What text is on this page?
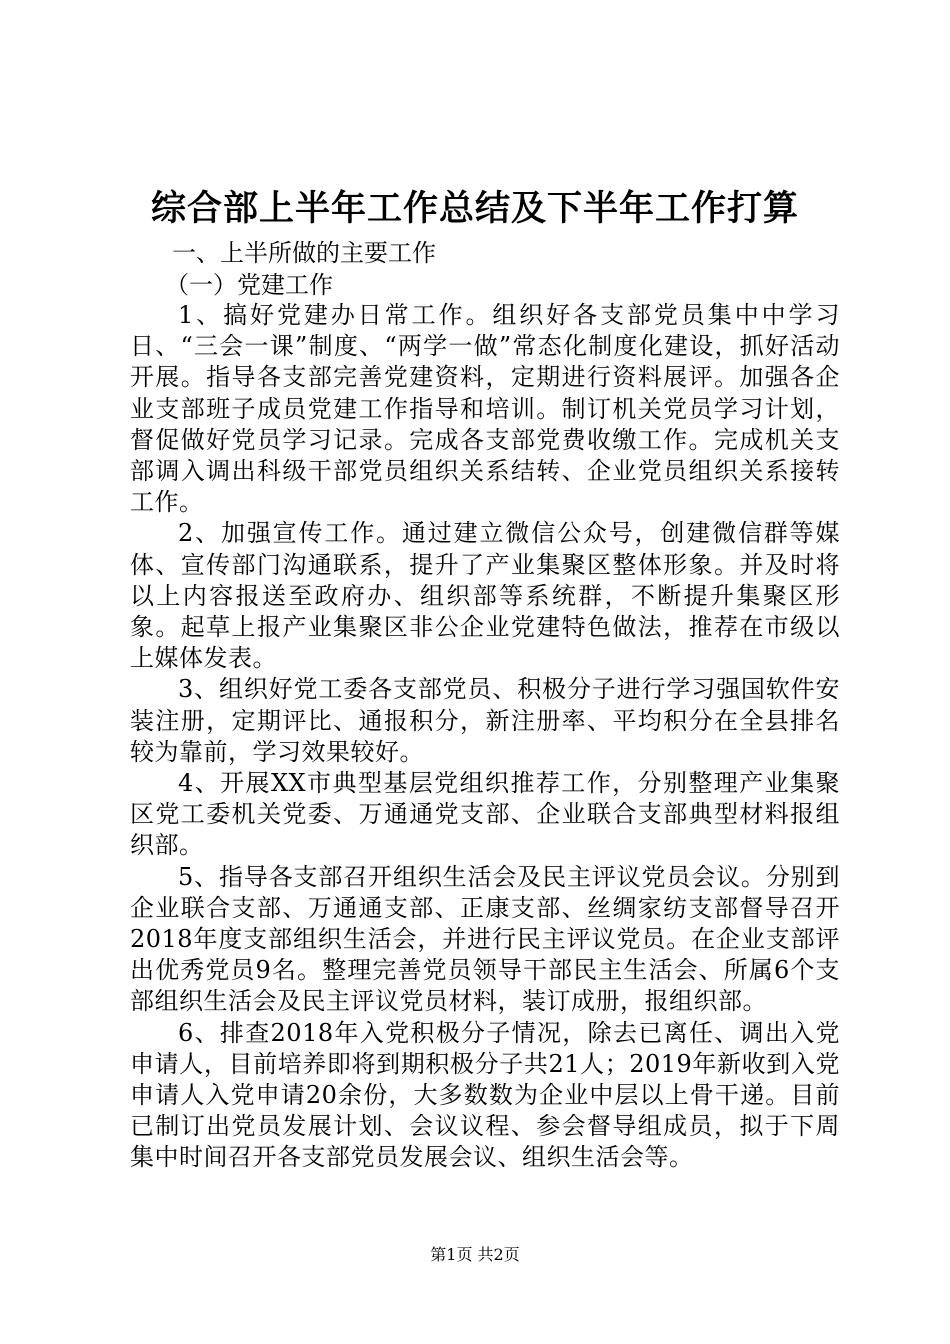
综合部上半年工作总结及下半年工作打算
一、上半所做的主要工作
（一）党建工作

1、搞好党建办日常工作。组织好各支部党员集中中学习日、“三会一课”制度、“两学一做”常态化制度化建设，抓好活动开展。指导各支部完善党建资料，定期进行资料展评。加强各企业支部班子成员党建工作指导和培训。制订机关党员学习计划，督促做好党员学习记录。完成各支部党费收缴工作。完成机关支部调入调出科级干部党员组织关系结转、企业党员组织关系接转工作。

2、加强宣传工作。通过建立微信公众号，创建微信群等媒体、宣传部门沟通联系，提升了产业集聚区整体形象。并及时将以上内容报送至政府办、组织部等系统群，不断提升集聚区形象。起草上报产业集聚区非公企业党建特色做法，推荐在市级以上媒体发表。

3、组织好党工委各支部党员、积极分子进行学习强国软件安装注册，定期评比、通报积分，新注册率、平均积分在全县排名较为靠前，学习效果较好。

4、开展XX市典型基层党组织推荐工作，分别整理产业集聚区党工委机关党委、万通通党支部、企业联合支部典型材料报组织部。

5、指导各支部召开组织生活会及民主评议党员会议。分别到企业联合支部、万通通支部、正康支部、丝绸家纺支部督导召开2018年度支部组织生活会，并进行民主评议党员。在企业支部评出优秀党员9名。整理完善党员领导干部民主生活会、所属6个支部组织生活会及民主评议党员材料，装订成册，报组织部。

6、排查2018年入党积极分子情况，除去已离任、调出入党申请人，目前培养即将到期积极分子共21人；2019年新收到入党申请人入党申请20余份，大多数数为企业中层以上骨干递。目前已制订出党员发展计划、会议议程、参会督导组成员，拟于下周集中时间召开各支部党员发展会议、组织生活会等。

第1页 共2页
